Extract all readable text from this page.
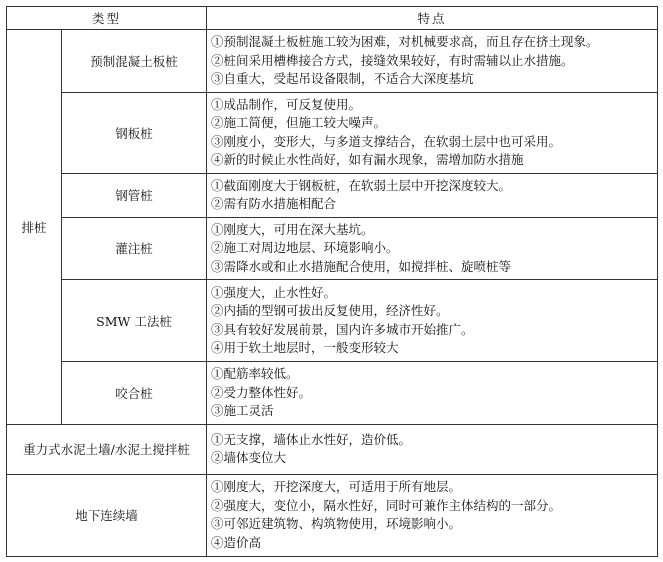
类型		特点
排桩	预制混凝土板桩	①预制混凝土板桩施工较为困难，对机械要求高，而且存在挤土现象。
②桩间采用槽榫接合方式，接缝效果较好，有时需辅以止水措施。
③自重大，受起吊设备限制，不适合大深度基坑

	钢板桩	①成品制作，可反复使用。
②施工简便，但施工较大噪声。
③刚度小，变形大，与多道支撑结合，在软弱土层中也可采用。
④新的时候止水性尚好，如有漏水现象，需增加防水措施

	钢管桩	①截面刚度大于钢板桩，在软弱土层中开挖深度较大。
②需有防水措施相配合

	灌注桩	①刚度大，可用在深大基坑。
②施工对周边地层、环境影响小。
③需降水或和止水措施配合使用，如搅拌桩、旋喷桩等

	SMW 工法桩	①强度大，止水性好。
②内插的型钢可拔出反复使用，经济性好。
③具有较好发展前景，国内许多城市开始推广。
④用于软土地层时，一般变形较大

	咬合桩	①配筋率较低。
②受力整体性好。
③施工灵活

重力式水泥土墙/水泥土搅拌桩		①无支撑，墙体止水性好，造价低。
②墙体变位大

地下连续墙		①刚度大，开挖深度大，可适用于所有地层。
②强度大，变位小，隔水性好，同时可兼作主体结构的一部分。
③可邻近建筑物、构筑物使用，环境影响小。
④造价高
